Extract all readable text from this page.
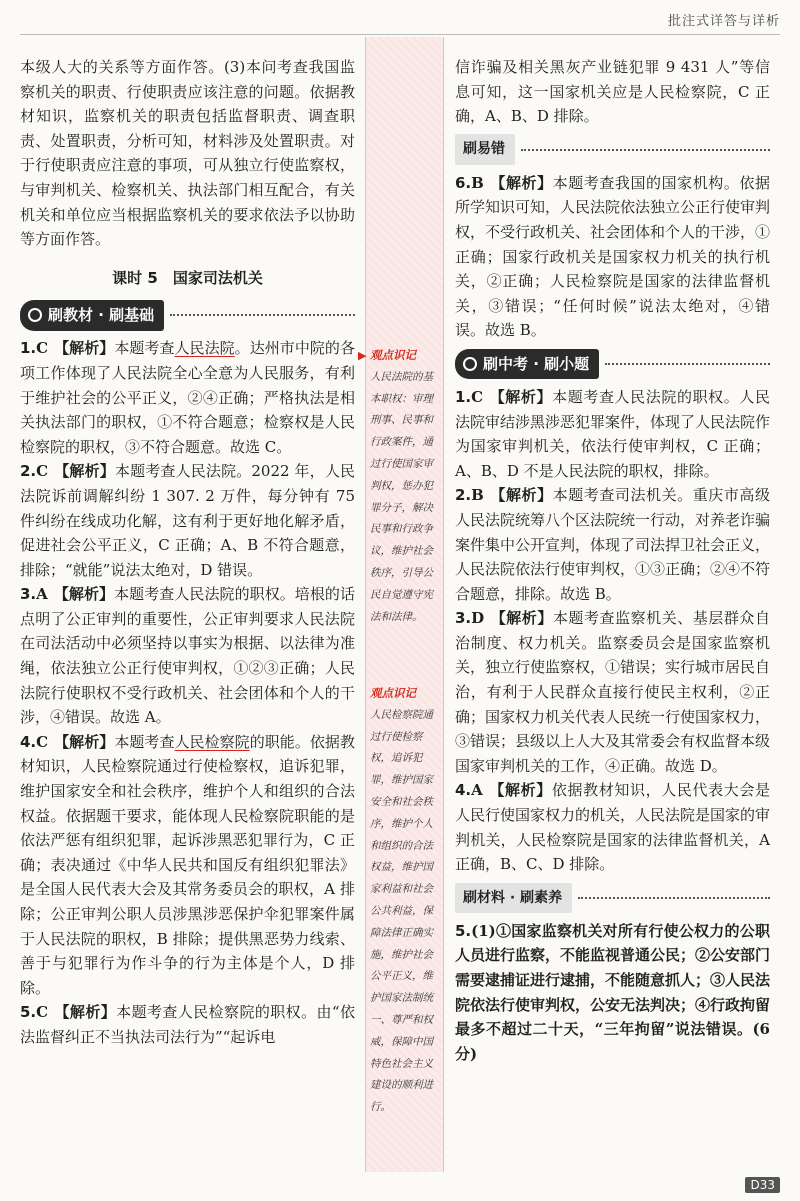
批注式详答与详析

本级人大的关系等方面作答。(3)本问考查我国监察机关的职责、行使职责应该注意的问题。依据教材知识，监察机关的职责包括监督职责、调查职责、处置职责，分析可知，材料涉及处置职责。对于行使职责应注意的事项，可从独立行使监察权，与审判机关、检察机关、执法部门相互配合，有关机关和单位应当根据监察机关的要求依法予以协助等方面作答。

课时 5　国家司法机关
刷教材 · 刷基础

1.C 【解析】本题考查人民法院。达州市中院的各项工作体现了人民法院全心全意为人民服务，有利于维护社会的公平正义，②④正确；严格执法是相关执法部门的职权，①不符合题意；检察权是人民检察院的职权，③不符合题意。故选 C。

2.C 【解析】本题考查人民法院。2022 年，人民法院诉前调解纠纷 1 307. 2 万件，每分钟有 75 件纠纷在线成功化解，这有利于更好地化解矛盾，促进社会公平正义，C 正确；A、B 不符合题意，排除；“就能”说法太绝对，D 错误。

3.A 【解析】本题考查人民法院的职权。培根的话点明了公正审判的重要性，公正审判要求人民法院在司法活动中必须坚持以事实为根据、以法律为准绳，依法独立公正行使审判权，①②③正确；人民法院行使职权不受行政机关、社会团体和个人的干涉，④错误。故选 A。

4.C 【解析】本题考查人民检察院的职能。依据教材知识，人民检察院通过行使检察权，追诉犯罪，维护国家安全和社会秩序，维护个人和组织的合法权益。依据题干要求，能体现人民检察院职能的是依法严惩有组织犯罪，起诉涉黑恶犯罪行为，C 正确；表决通过《中华人民共和国反有组织犯罪法》是全国人民代表大会及其常务委员会的职权，A 排除；公正审判公职人员涉黑涉恶保护伞犯罪案件属于人民法院的职权，B 排除；提供黑恶势力线索、善于与犯罪行为作斗争的行为主体是个人，D 排除。

5.C 【解析】本题考查人民检察院的职权。由“依法监督纠正不当执法司法行为”“起诉电

▶ 观点识记
人民法院的基本职权：审理刑事、民事和行政案件，通过行使国家审判权，惩办犯罪分子，解决民事和行政争议，维护社会秩序，引导公民自觉遵守宪法和法律。
观点识记
人民检察院通过行使检察权，追诉犯罪，维护国家安全和社会秩序，维护个人和组织的合法权益，维护国家利益和社会公共利益，保障法律正确实施，维护社会公平正义，维护国家法制统一、尊严和权威，保障中国特色社会主义建设的顺利进行。

信诈骗及相关黑灰产业链犯罪 9 431 人”等信息可知，这一国家机关应是人民检察院，C 正确，A、B、D 排除。

刷易错

6.B 【解析】本题考查我国的国家机构。依据所学知识可知，人民法院依法独立公正行使审判权，不受行政机关、社会团体和个人的干涉，①正确；国家行政机关是国家权力机关的执行机关，②正确；人民检察院是国家的法律监督机关，③错误；“任何时候”说法太绝对，④错误。故选 B。

刷中考 · 刷小题

1.C 【解析】本题考查人民法院的职权。人民法院审结涉黑涉恶犯罪案件，体现了人民法院作为国家审判机关，依法行使审判权，C 正确；A、B、D 不是人民法院的职权，排除。

2.B 【解析】本题考查司法机关。重庆市高级人民法院统筹八个区法院统一行动，对养老诈骗案件集中公开宣判，体现了司法捍卫社会正义，人民法院依法行使审判权，①③正确；②④不符合题意，排除。故选 B。

3.D 【解析】本题考查监察机关、基层群众自治制度、权力机关。监察委员会是国家监察机关，独立行使监察权，①错误；实行城市居民自治，有利于人民群众直接行使民主权利，②正确；国家权力机关代表人民统一行使国家权力，③错误；县级以上人大及其常委会有权监督本级国家审判机关的工作，④正确。故选 D。

4.A 【解析】依据教材知识，人民代表大会是人民行使国家权力的机关，人民法院是国家的审判机关，人民检察院是国家的法律监督机关，A 正确，B、C、D 排除。

刷材料 · 刷素养

5.(1)①国家监察机关对所有行使公权力的公职人员进行监察，不能监视普通公民；②公安部门需要逮捕证进行逮捕，不能随意抓人；③人民法院依法行使审判权，公安无法判决；④行政拘留最多不超过二十天，“三年拘留”说法错误。(6 分)

D33
